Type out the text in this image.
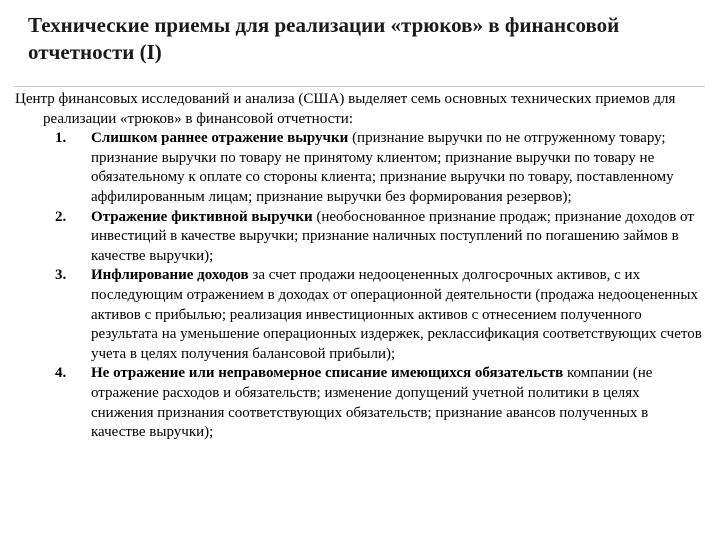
Технические приемы для реализации «трюков» в финансовой отчетности (I)

Центр финансовых исследований и анализа (США) выделяет семь основных технических приемов для реализации «трюков» в финансовой отчетности:

1.	Слишком раннее отражение выручки (признание выручки по не отгруженному товару; признание выручки по товару не принятому клиентом; признание выручки по товару не обязательному к оплате со стороны клиента; признание выручки по товару, поставленному аффилированным лицам; признание выручки без формирования резервов);
2.	Отражение фиктивной выручки (необоснованное признание продаж; признание доходов от инвестиций в качестве выручки; признание наличных поступлений по погашению займов в качестве выручки);
3.	Инфлирование доходов за счет продажи недооцененных долгосрочных активов, с их последующим отражением в доходах от операционной деятельности (продажа недооцененных активов с прибылью; реализация инвестиционных активов с отнесением полученного результата на уменьшение операционных издержек, реклассификация соответствующих счетов учета в целях получения балансовой прибыли);
4.	Не отражение или неправомерное списание имеющихся обязательств компании (не отражение расходов и обязательств; изменение допущений учетной политики в целях снижения признания соответствующих обязательств; признание авансов полученных в качестве выручки);
